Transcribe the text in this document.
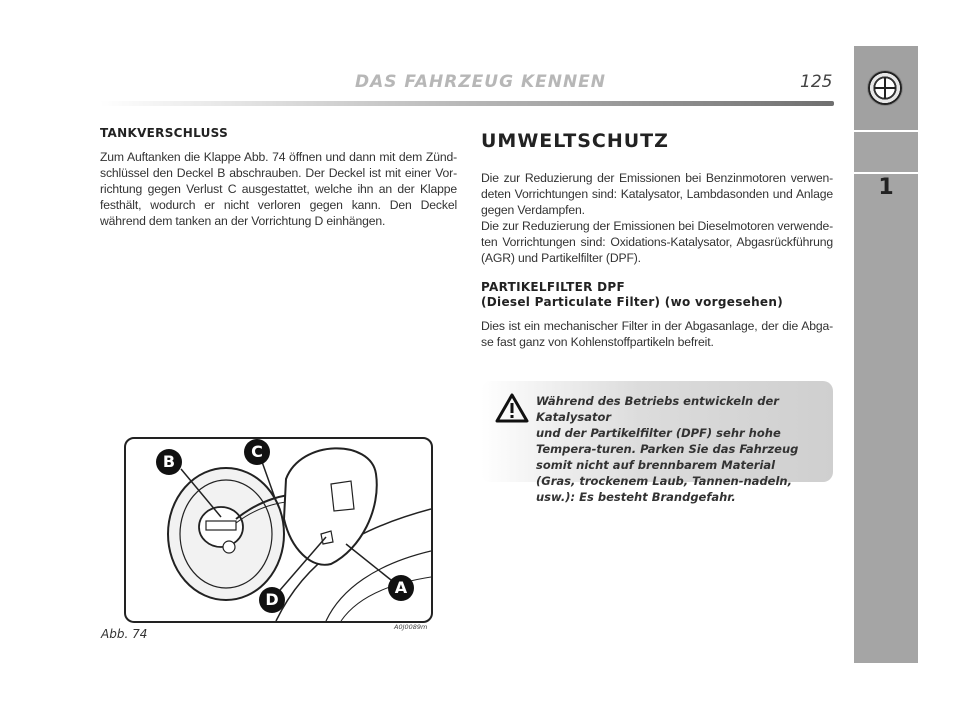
DAS FAHRZEUG KENNEN	125
1
TANKVERSCHLUSS

Zum Auftanken die Klappe Abb. 74 öffnen und dann mit dem Zünd-schlüssel den Deckel B abschrauben. Der Deckel ist mit einer Vor-richtung gegen Verlust C ausgestattet, welche ihn an der Klappe festhält, wodurch er nicht verloren gegen kann. Den Deckel während dem tanken an der Vorrichtung D einhängen.

UMWELTSCHUTZ

Die zur Reduzierung der Emissionen bei Benzinmotoren verwen-deten Vorrichtungen sind: Katalysator, Lambdasonden und Anlage gegen Verdampfen.

Die zur Reduzierung der Emissionen bei Dieselmotoren verwende-ten Vorrichtungen sind: Oxidations-Katalysator, Abgasrückführung (AGR) und Partikelfilter (DPF).

PARTIKELFILTER DPF
(Diesel Particulate Filter) (wo vorgesehen)

Dies ist ein mechanischer Filter in der Abgasanlage, der die Abga-se fast ganz von Kohlenstoffpartikeln befreit.

Während des Betriebs entwickeln der Katalysator
und der Partikelfilter (DPF) sehr hohe Tempera-turen. Parken Sie das Fahrzeug somit nicht auf brennbarem Material (Gras, trockenem Laub, Tannen-nadeln, usw.): Es besteht Brandgefahr.
B
C
D
A
Abb. 74	A0J0089m
